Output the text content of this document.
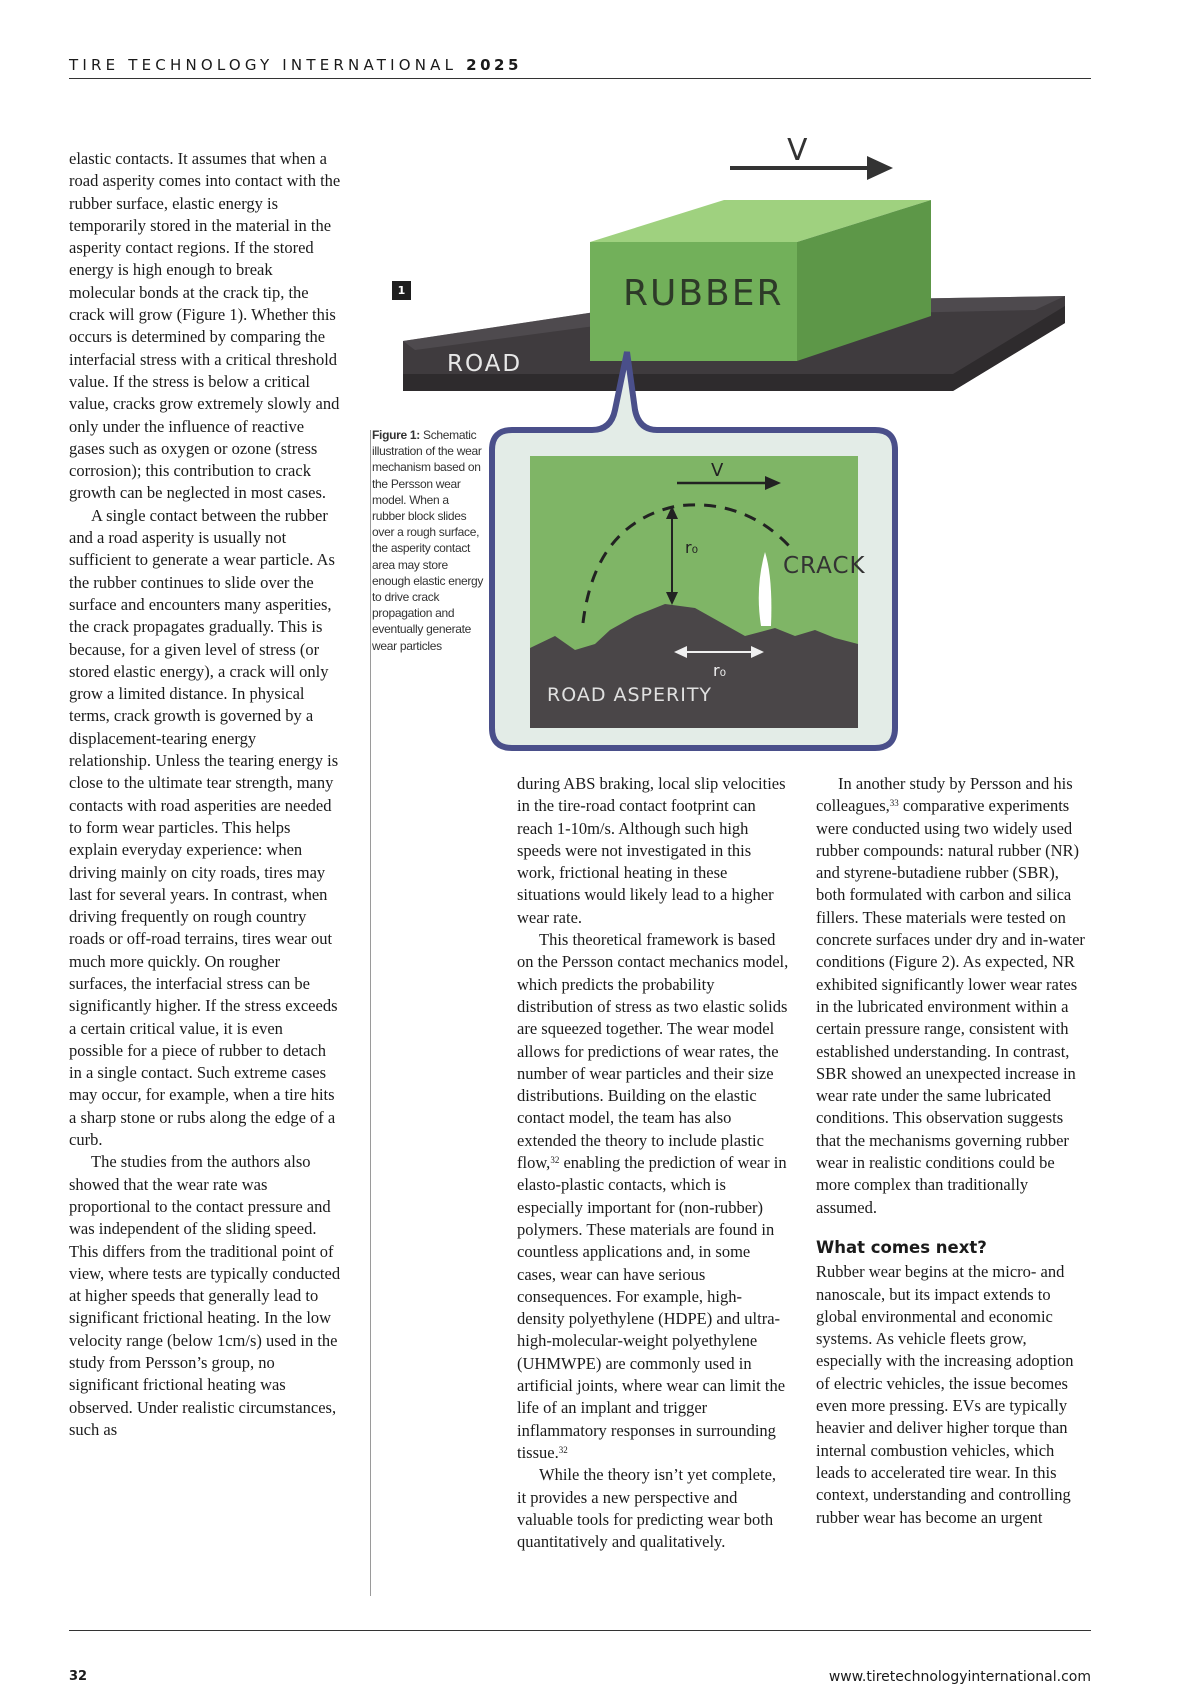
TIRE TECHNOLOGY INTERNATIONAL 2025

elastic contacts. It assumes that when a road asperity comes into contact with the rubber surface, elastic energy is temporarily stored in the material in the asperity contact regions. If the stored energy is high enough to break molecular bonds at the crack tip, the crack will grow (Figure 1). Whether this occurs is determined by comparing the interfacial stress with a critical threshold value. If the stress is below a critical value, cracks grow extremely slowly and only under the influence of reactive gases such as oxygen or ozone (stress corrosion); this contribution to crack growth can be neglected in most cases.

A single contact between the rubber and a road asperity is usually not sufficient to generate a wear particle. As the rubber continues to slide over the surface and encounters many asperities, the crack propagates gradually. This is because, for a given level of stress (or stored elastic energy), a crack will only grow a limited distance. In physical terms, crack growth is governed by a displacement-tearing energy relationship. Unless the tearing energy is close to the ultimate tear strength, many contacts with road asperities are needed to form wear particles. This helps explain everyday experience: when driving mainly on city roads, tires may last for several years. In contrast, when driving frequently on rough country roads or off-road terrains, tires wear out much more quickly. On rougher surfaces, the interfacial stress can be significantly higher. If the stress exceeds a certain critical value, it is even possible for a piece of rubber to detach in a single contact. Such extreme cases may occur, for example, when a tire hits a sharp stone or rubs along the edge of a curb.

The studies from the authors also showed that the wear rate was proportional to the contact pressure and was independent of the sliding speed. This differs from the traditional point of view, where tests are typically conducted at higher speeds that generally lead to significant frictional heating. In the low velocity range (below 1cm/s) used in the study from Persson’s group, no significant frictional heating was observed. Under realistic circumstances, such as

1
Figure 1: Schematic illustration of the wear mechanism based on the Persson wear model. When a rubber block slides over a rough surface, the asperity contact area may store enough elastic energy to drive crack propagation and eventually generate wear particles
V
ROAD
RUBBER
V
r₀
r₀
CRACK
ROAD ASPERITY

during ABS braking, local slip velocities in the tire-road contact footprint can reach 1-10m/s. Although such high speeds were not investigated in this work, frictional heating in these situations would likely lead to a higher wear rate.

This theoretical framework is based on the Persson contact mechanics model, which predicts the probability distribution of stress as two elastic solids are squeezed together. The wear model allows for predictions of wear rates, the number of wear particles and their size distributions. Building on the elastic contact model, the team has also extended the theory to include plastic flow,$^{32}$ enabling the prediction of wear in elasto-plastic contacts, which is especially important for (non-rubber) polymers. These materials are found in countless applications and, in some cases, wear can have serious consequences. For example, high-density polyethylene (HDPE) and ultra-high-molecular-weight polyethylene (UHMWPE) are commonly used in artificial joints, where wear can limit the life of an implant and trigger inflammatory responses in surrounding tissue.$^{32}$

While the theory isn’t yet complete, it provides a new perspective and valuable tools for predicting wear both quantitatively and qualitatively.

In another study by Persson and his colleagues,$^{33}$ comparative experiments were conducted using two widely used rubber compounds: natural rubber (NR) and styrene-butadiene rubber (SBR), both formulated with carbon and silica fillers. These materials were tested on concrete surfaces under dry and in-water conditions (Figure 2). As expected, NR exhibited significantly lower wear rates in the lubricated environment within a certain pressure range, consistent with established understanding. In contrast, SBR showed an unexpected increase in wear rate under the same lubricated conditions. This observation suggests that the mechanisms governing rubber wear in realistic conditions could be more complex than traditionally assumed.

What comes next?

Rubber wear begins at the micro- and nanoscale, but its impact extends to global environmental and economic systems. As vehicle fleets grow, especially with the increasing adoption of electric vehicles, the issue becomes even more pressing. EVs are typically heavier and deliver higher torque than internal combustion vehicles, which leads to accelerated tire wear. In this context, understanding and controlling rubber wear has become an urgent

32	www.tiretechnologyinternational.com
